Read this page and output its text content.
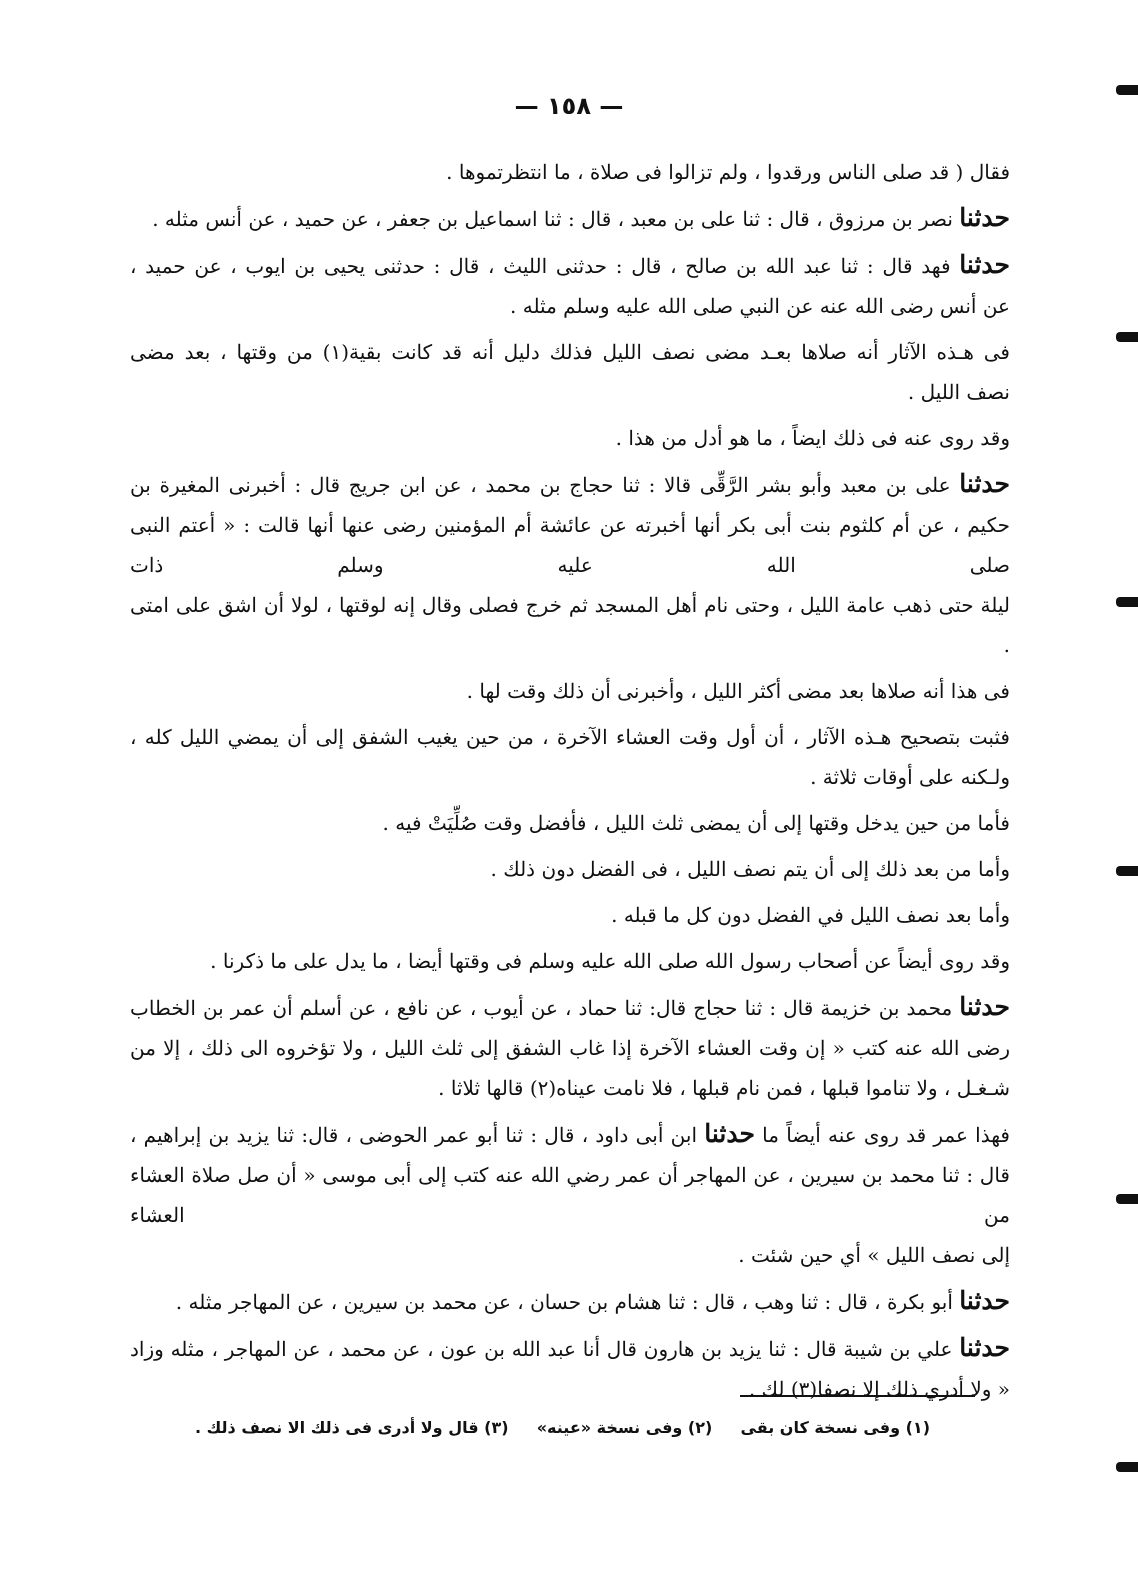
— ١٥٨ —

فقال ( قد صلى الناس ورقدوا ، ولم تزالوا فى صلاة ، ما انتظرتموها .

حدثنا نصر بن مرزوق ، قال : ثنا على بن معبد ، قال : ثنا اسماعيل بن جعفر ، عن حميد ، عن أنس مثله .

حدثنا فهد قال : ثنا عبد الله بن صالح ، قال : حدثنى الليث ، قال : حدثنى يحيى بن ايوب ، عن حميد ،
عن أنس رضى الله عنه عن النبي صلى الله عليه وسلم مثله .

فى هـذه الآثار أنه صلاها بعـد مضى نصف الليل فذلك دليل أنه قد كانت بقية(١) من وقتها ، بعد مضى
نصف الليل .

وقد روى عنه فى ذلك ايضاً ، ما هو أدل من هذا .

حدثنا على بن معبد وأبو بشر الرَّقِّى قالا : ثنا حجاج بن محمد ، عن ابن جريج قال : أخبرنى المغيرة بن
حكيم ، عن أم كلثوم بنت أبى بكر أنها أخبرته عن عائشة أم المؤمنين رضى عنها أنها قالت : « أعتم النبى صلى الله عليه وسلم ذات
ليلة حتى ذهب عامة الليل ، وحتى نام أهل المسجد ثم خرج فصلى وقال إنه لوقتها ، لولا أن اشق على امتى .

فى هذا أنه صلاها بعد مضى أكثر الليل ، وأخبرنى أن ذلك وقت لها .

فثبت بتصحيح هـذه الآثار ، أن أول وقت العشاء الآخرة ، من حين يغيب الشفق إلى أن يمضي الليل كله ،
ولـكنه على أوقات ثلاثة .

فأما من حين يدخل وقتها إلى أن يمضى ثلث الليل ، فأفضل وقت صُلِّيَتْ فيه .

وأما من بعد ذلك إلى أن يتم نصف الليل ، فى الفضل دون ذلك .

وأما بعد نصف الليل في الفضل دون كل ما قبله .

وقد روى أيضاً عن أصحاب رسول الله صلى الله عليه وسلم فى وقتها أيضا ، ما يدل على ما ذكرنا .

حدثنا محمد بن خزيمة قال : ثنا حجاج قال: ثنا حماد ، عن أيوب ، عن نافع ، عن أسلم أن عمر بن الخطاب
رضى الله عنه كتب « إن وقت العشاء الآخرة إذا غاب الشفق إلى ثلث الليل ، ولا تؤخروه الى ذلك ، إلا من
شـغـل ، ولا تناموا قبلها ، فمن نام قبلها ، فلا نامت عيناه(٢) قالها ثلاثا .

فهذا عمر قد روى عنه أيضاً ما حدثنا ابن أبى داود ، قال : ثنا أبو عمر الحوضى ، قال: ثنا يزيد بن إبراهيم ،
قال : ثنا محمد بن سيرين ، عن المهاجر أن عمر رضي الله عنه كتب إلى أبى موسى « أن صل صلاة العشاء من العشاء
إلى نصف الليل » أي حين شئت .

حدثنا أبو بكرة ، قال : ثنا وهب ، قال : ثنا هشام بن حسان ، عن محمد بن سيرين ، عن المهاجر مثله .

حدثنا علي بن شيبة قال : ثنا يزيد بن هارون قال أنا عبد الله بن عون ، عن محمد ، عن المهاجر ، مثله وزاد
« ولا أدري ذلك إلا نصفا(٣) لك .

(١) وفى نسخة كان بقى
(٢) وفى نسخة «عينه»
(٣) قال ولا أدرى فى ذلك الا نصف ذلك .
